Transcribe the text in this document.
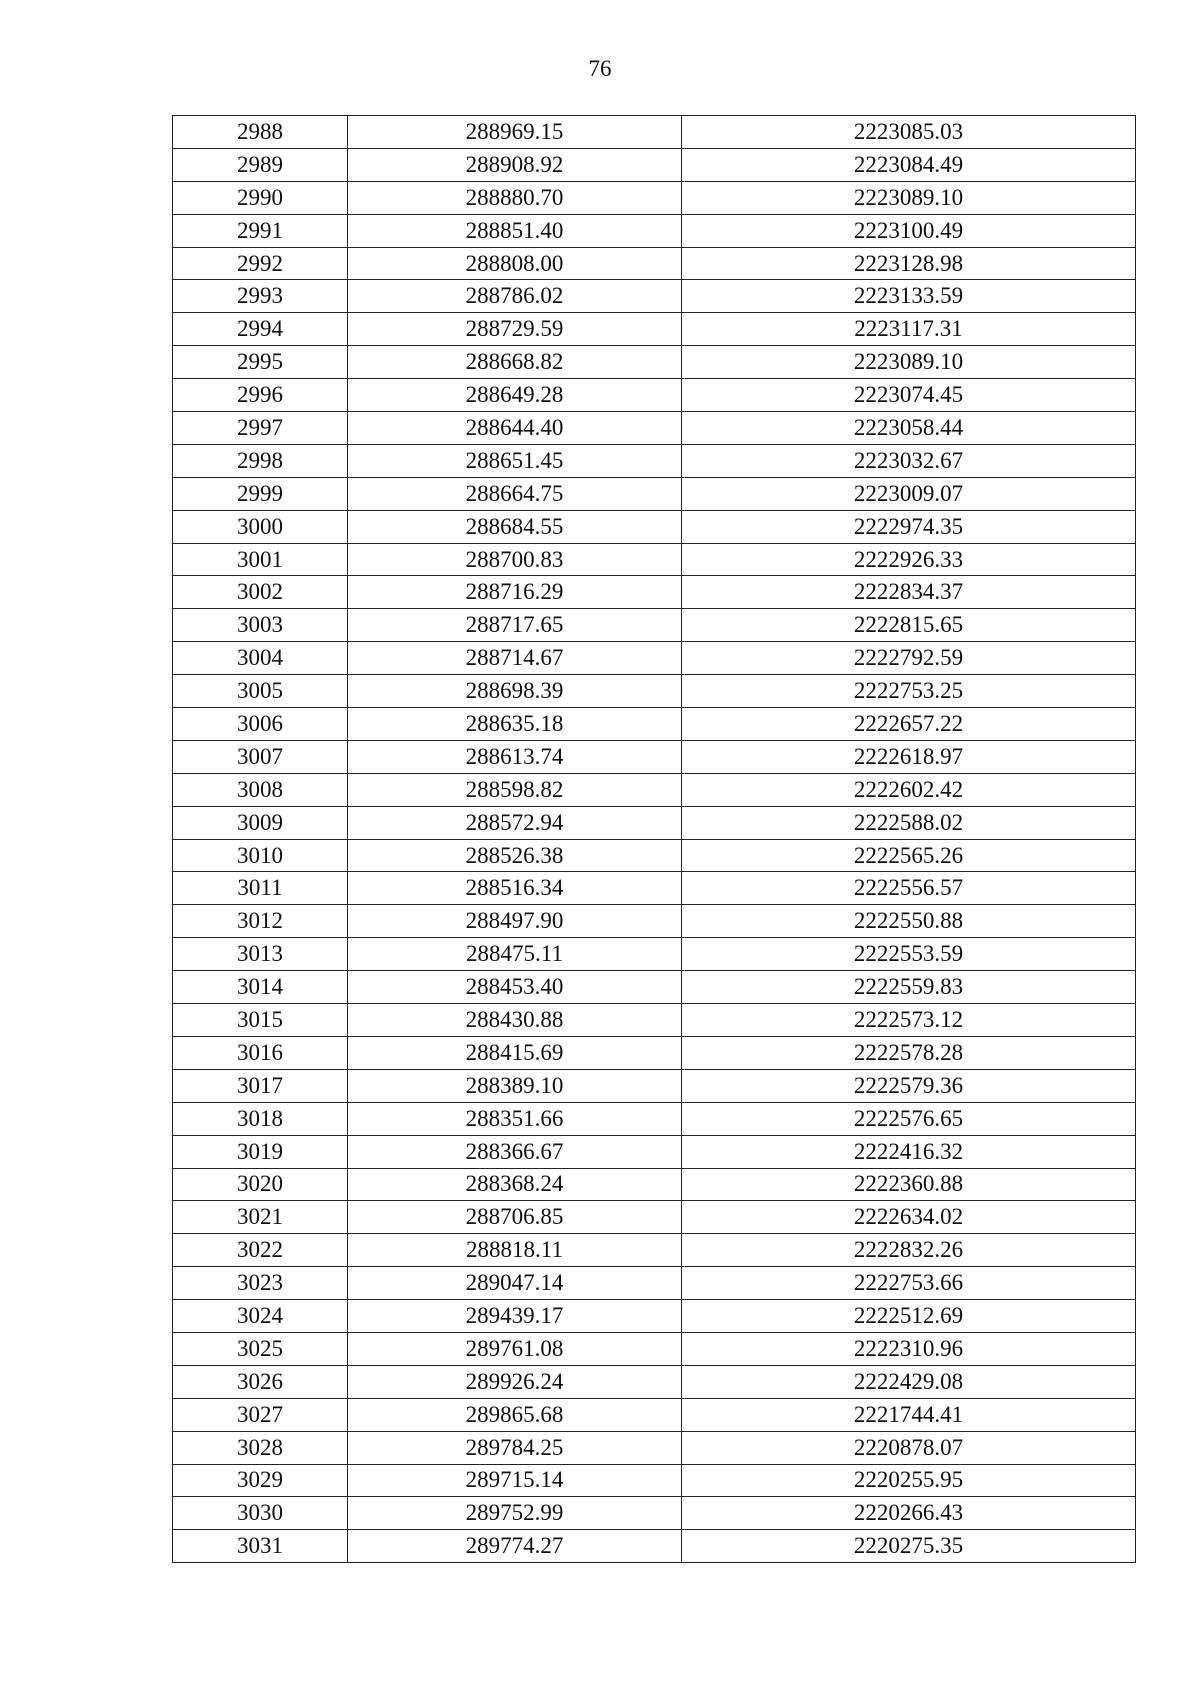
76
2988	288969.15	2223085.03
2989	288908.92	2223084.49
2990	288880.70	2223089.10
2991	288851.40	2223100.49
2992	288808.00	2223128.98
2993	288786.02	2223133.59
2994	288729.59	2223117.31
2995	288668.82	2223089.10
2996	288649.28	2223074.45
2997	288644.40	2223058.44
2998	288651.45	2223032.67
2999	288664.75	2223009.07
3000	288684.55	2222974.35
3001	288700.83	2222926.33
3002	288716.29	2222834.37
3003	288717.65	2222815.65
3004	288714.67	2222792.59
3005	288698.39	2222753.25
3006	288635.18	2222657.22
3007	288613.74	2222618.97
3008	288598.82	2222602.42
3009	288572.94	2222588.02
3010	288526.38	2222565.26
3011	288516.34	2222556.57
3012	288497.90	2222550.88
3013	288475.11	2222553.59
3014	288453.40	2222559.83
3015	288430.88	2222573.12
3016	288415.69	2222578.28
3017	288389.10	2222579.36
3018	288351.66	2222576.65
3019	288366.67	2222416.32
3020	288368.24	2222360.88
3021	288706.85	2222634.02
3022	288818.11	2222832.26
3023	289047.14	2222753.66
3024	289439.17	2222512.69
3025	289761.08	2222310.96
3026	289926.24	2222429.08
3027	289865.68	2221744.41
3028	289784.25	2220878.07
3029	289715.14	2220255.95
3030	289752.99	2220266.43
3031	289774.27	2220275.35
